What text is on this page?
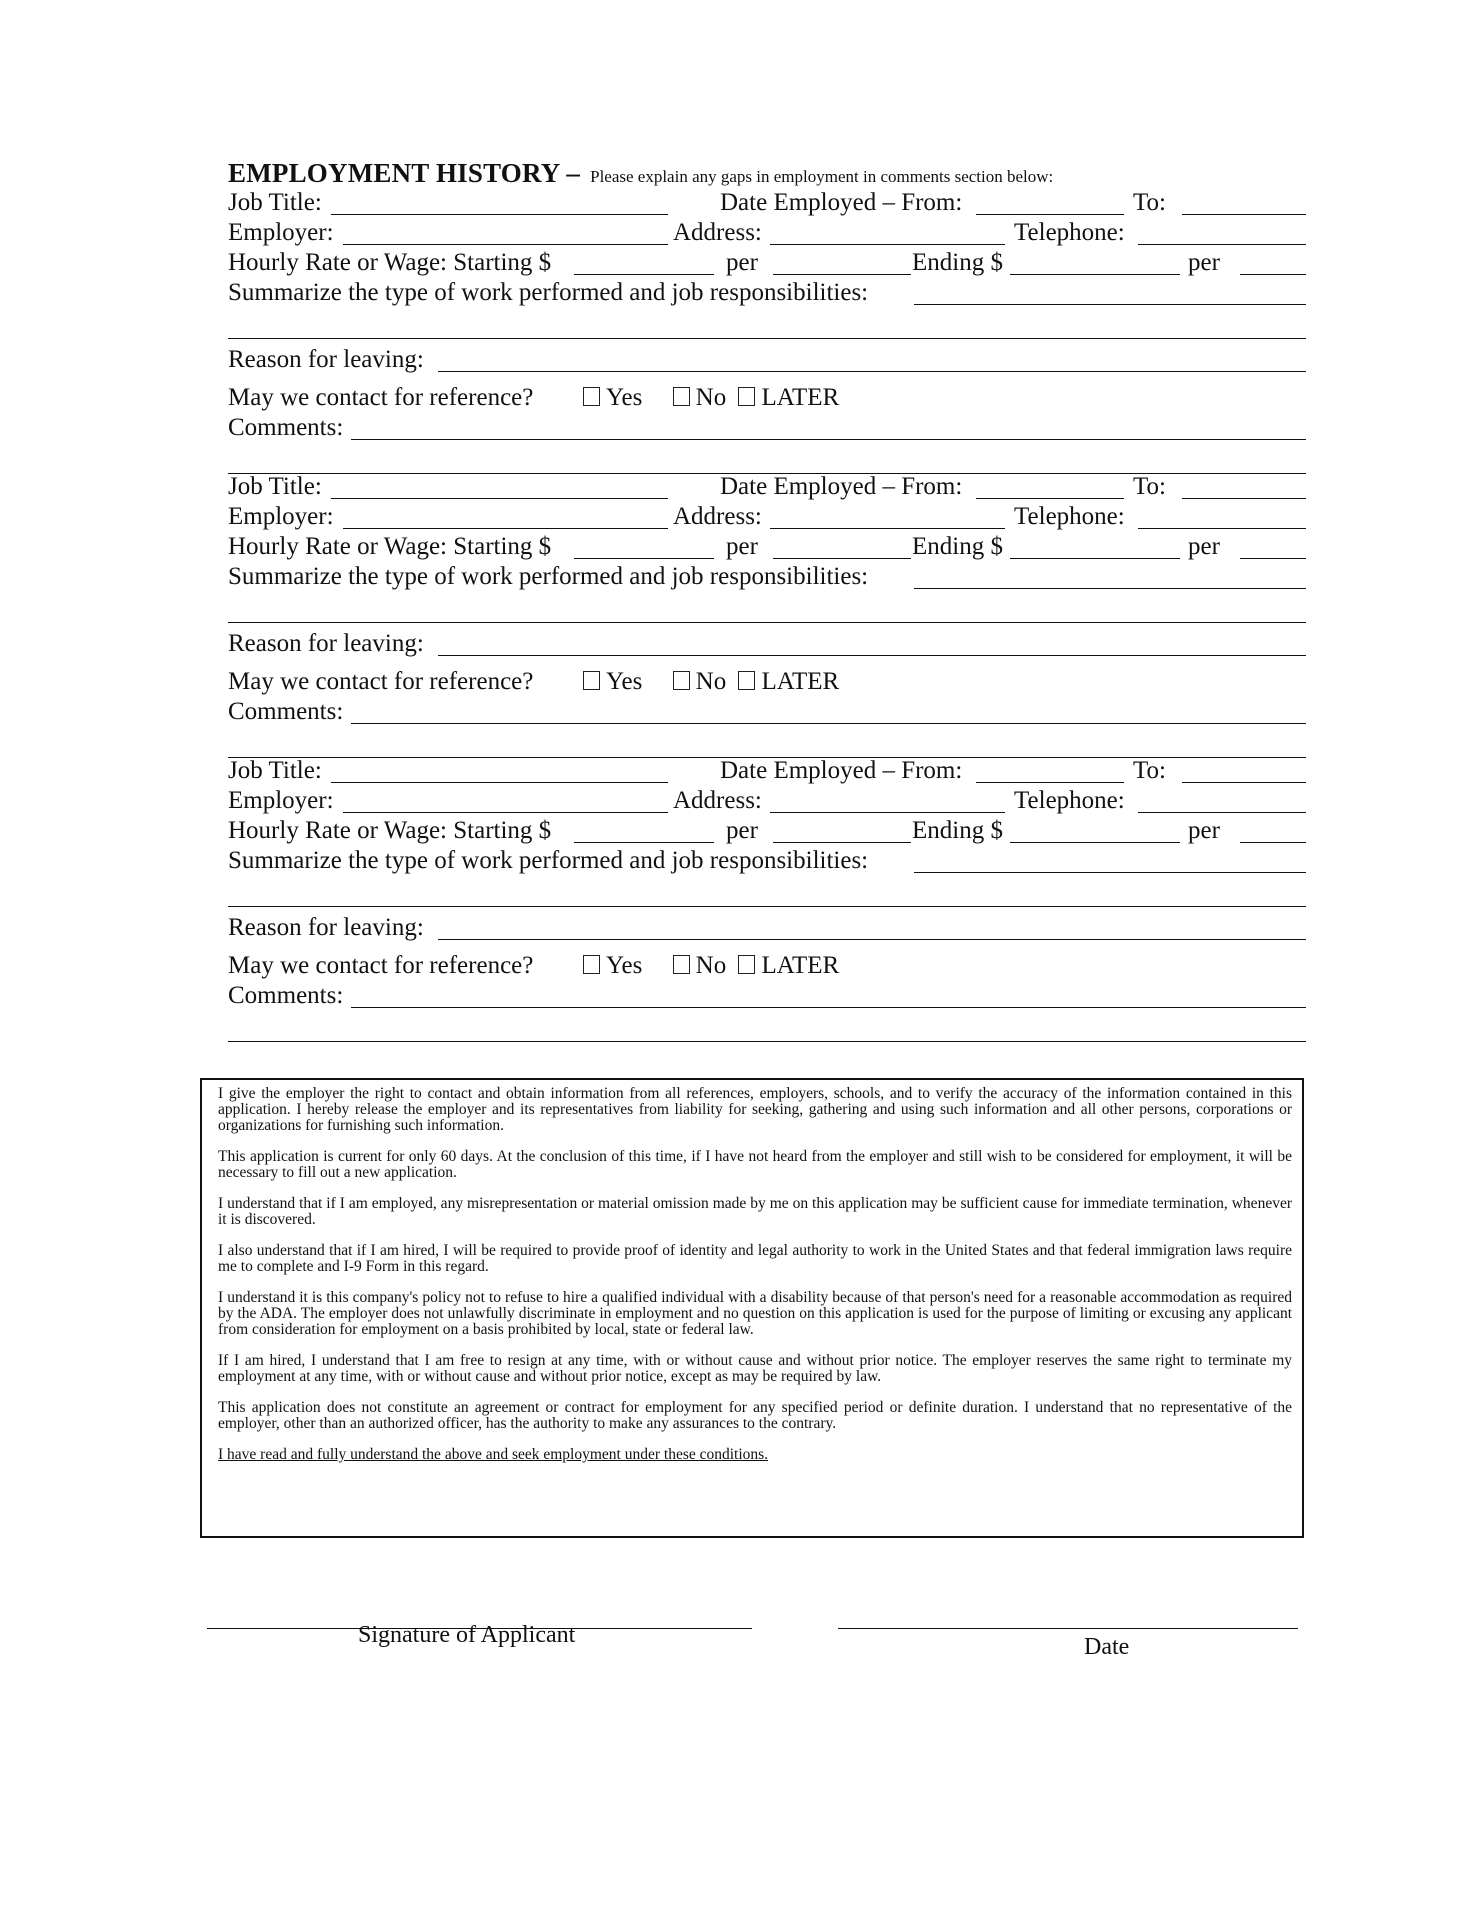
EMPLOYMENT HISTORY – Please explain any gaps in employment in comments section below:
Job Title:	Date Employed – From:	To:
Employer:	Address:	Telephone:
Hourly Rate or Wage: Starting $	per	Ending $	per
Summarize the type of work performed and job responsibilities:
Reason for leaving:
May we contact for reference?	Yes No LATER
Comments:
Job Title:	Date Employed – From:	To:
Employer:	Address:	Telephone:
Hourly Rate or Wage: Starting $	per	Ending $	per
Summarize the type of work performed and job responsibilities:
Reason for leaving:
May we contact for reference?	Yes No LATER
Comments:
Job Title:	Date Employed – From:	To:
Employer:	Address:	Telephone:
Hourly Rate or Wage: Starting $	per	Ending $	per
Summarize the type of work performed and job responsibilities:
Reason for leaving:
May we contact for reference?	Yes No LATER
Comments:

I give the employer the right to contact and obtain information from all references, employers, schools, and to verify the accuracy of the information contained in this application. I hereby release the employer and its representatives from liability for seeking, gathering and using such information and all other persons, corporations or organizations for furnishing such information.

This application is current for only 60 days. At the conclusion of this time, if I have not heard from the employer and still wish to be considered for employment, it will be necessary to fill out a new application.

I understand that if I am employed, any misrepresentation or material omission made by me on this application may be sufficient cause for immediate termination, whenever it is discovered.

I also understand that if I am hired, I will be required to provide proof of identity and legal authority to work in the United States and that federal immigration laws require me to complete and I-9 Form in this regard.

I understand it is this company's policy not to refuse to hire a qualified individual with a disability because of that person's need for a reasonable accommodation as required by the ADA. The employer does not unlawfully discriminate in employment and no question on this application is used for the purpose of limiting or excusing any applicant from consideration for employment on a basis prohibited by local, state or federal law.

If I am hired, I understand that I am free to resign at any time, with or without cause and without prior notice. The employer reserves the same right to terminate my employment at any time, with or without cause and without prior notice, except as may be required by law.

This application does not constitute an agreement or contract for employment for any specified period or definite duration. I understand that no representative of the employer, other than an authorized officer, has the authority to make any assurances to the contrary.

I have read and fully understand the above and seek employment under these conditions.

Signature of Applicant	Date
